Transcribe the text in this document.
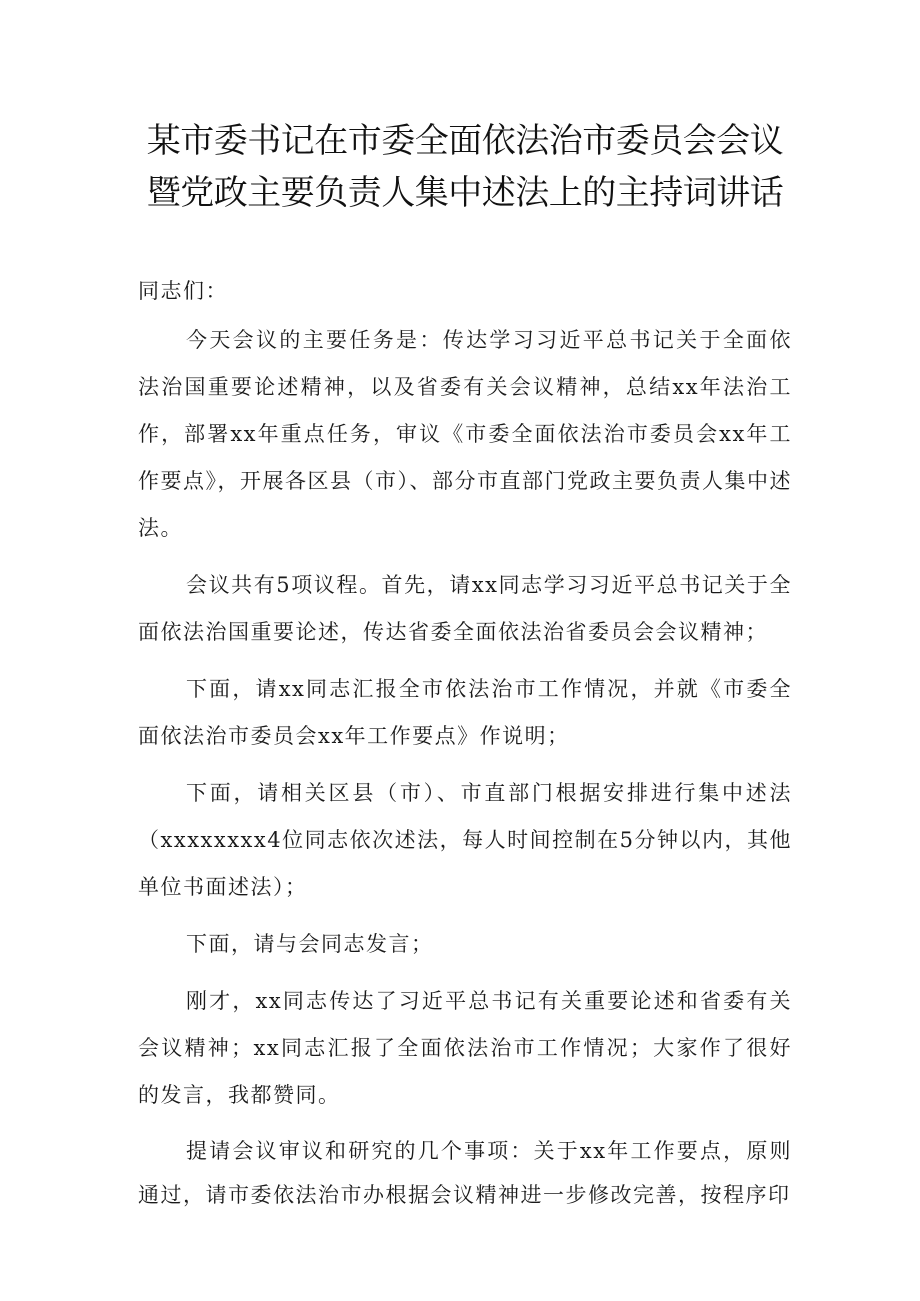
某市委书记在市委全面依法治市委员会会议暨党政主要负责人集中述法上的主持词讲话

同志们：

今天会议的主要任务是：传达学习习近平总书记关于全面依法治国重要论述精神，以及省委有关会议精神，总结xx年法治工作，部署xx年重点任务，审议《市委全面依法治市委员会xx年工作要点》，开展各区县（市）、部分市直部门党政主要负责人集中述法。

会议共有5项议程。首先，请xx同志学习习近平总书记关于全面依法治国重要论述，传达省委全面依法治省委员会会议精神；

下面，请xx同志汇报全市依法治市工作情况，并就《市委全面依法治市委员会xx年工作要点》作说明；

下面，请相关区县（市）、市直部门根据安排进行集中述法（xxxxxxxx4位同志依次述法，每人时间控制在5分钟以内，其他单位书面述法）；

下面，请与会同志发言；

刚才，xx同志传达了习近平总书记有关重要论述和省委有关会议精神；xx同志汇报了全面依法治市工作情况；大家作了很好的发言，我都赞同。

提请会议审议和研究的几个事项：关于xx年工作要点，原则通过，请市委依法治市办根据会议精神进一步修改完善，按程序印
